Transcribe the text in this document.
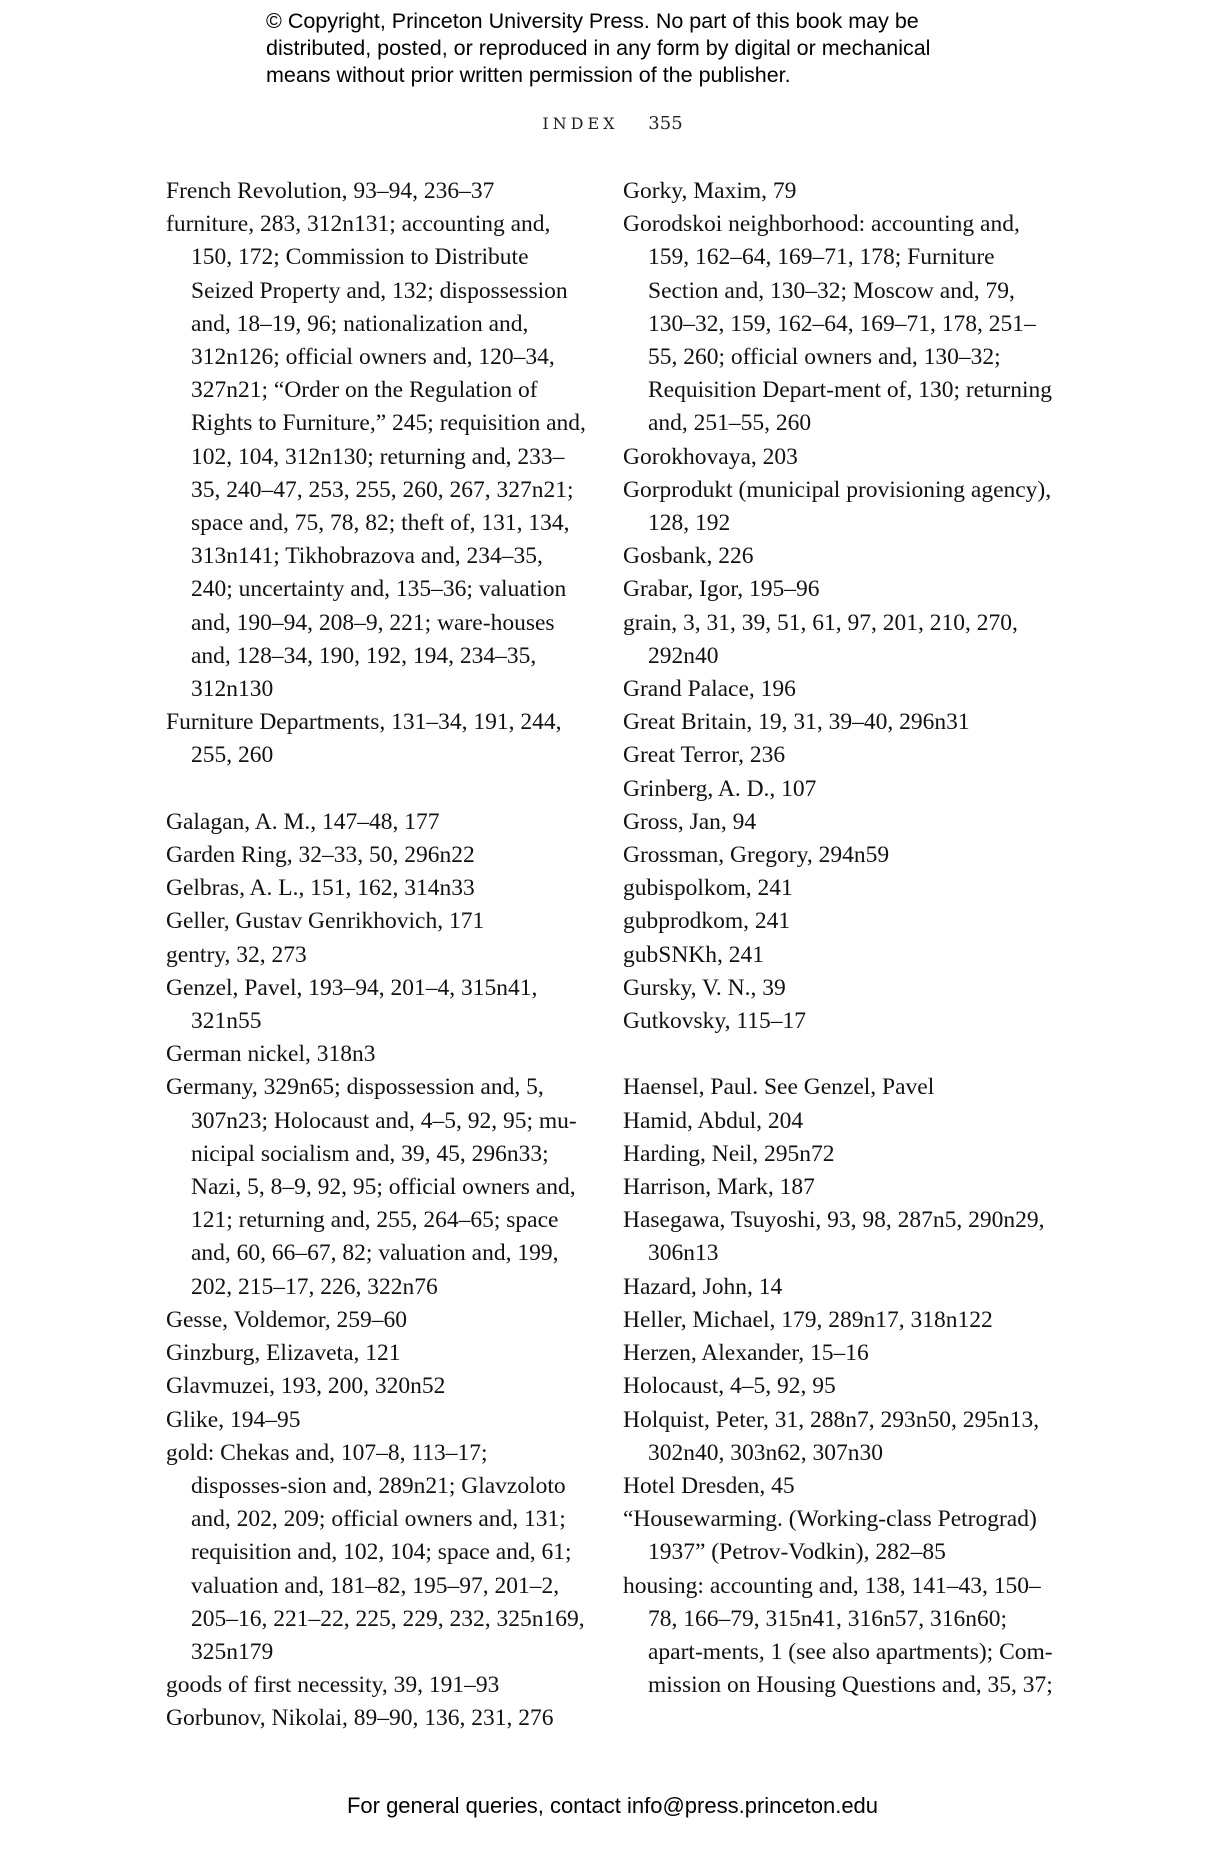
© Copyright, Princeton University Press. No part of this book may be
distributed, posted, or reproduced in any form by digital or mechanical
means without prior written permission of the publisher.
INDEX 355
French Revolution, 93–94, 236–37
furniture, 283, 312n131; accounting and, 150, 172; Commission to Distribute Seized Property and, 132; dispossession and, 18–19, 96; nationalization and, 312n126; official owners and, 120–34, 327n21; “Order on the Regulation of Rights to Furniture,” 245; requisition and, 102, 104, 312n130; returning and, 233–35, 240–47, 253, 255, 260, 267, 327n21; space and, 75, 78, 82; theft of, 131, 134, 313n141; Tikhobrazova and, 234–35, 240; uncertainty and, 135–36; valuation and, 190–94, 208–9, 221; ware-houses and, 128–34, 190, 192, 194, 234–35, 312n130
Furniture Departments, 131–34, 191, 244, 255, 260
Galagan, A. M., 147–48, 177
Garden Ring, 32–33, 50, 296n22
Gelbras, A. L., 151, 162, 314n33
Geller, Gustav Genrikhovich, 171
gentry, 32, 273
Genzel, Pavel, 193–94, 201–4, 315n41, 321n55
German nickel, 318n3
Germany, 329n65; dispossession and, 5, 307n23; Holocaust and, 4–5, 92, 95; mu-nicipal socialism and, 39, 45, 296n33; Nazi, 5, 8–9, 92, 95; official owners and, 121; returning and, 255, 264–65; space and, 60, 66–67, 82; valuation and, 199, 202, 215–17, 226, 322n76
Gesse, Voldemor, 259–60
Ginzburg, Elizaveta, 121
Glavmuzei, 193, 200, 320n52
Glike, 194–95
gold: Chekas and, 107–8, 113–17; disposses-sion and, 289n21; Glavzoloto and, 202, 209; official owners and, 131; requisition and, 102, 104; space and, 61; valuation and, 181–82, 195–97, 201–2, 205–16, 221–22, 225, 229, 232, 325n169, 325n179
goods of first necessity, 39, 191–93
Gorbunov, Nikolai, 89–90, 136, 231, 276
Gorky, Maxim, 79
Gorodskoi neighborhood: accounting and, 159, 162–64, 169–71, 178; Furniture Section and, 130–32; Moscow and, 79, 130–32, 159, 162–64, 169–71, 178, 251–55, 260; official owners and, 130–32; Requisition Depart-ment of, 130; returning and, 251–55, 260
Gorokhovaya, 203
Gorprodukt (municipal provisioning agency), 128, 192
Gosbank, 226
Grabar, Igor, 195–96
grain, 3, 31, 39, 51, 61, 97, 201, 210, 270, 292n40
Grand Palace, 196
Great Britain, 19, 31, 39–40, 296n31
Great Terror, 236
Grinberg, A. D., 107
Gross, Jan, 94
Grossman, Gregory, 294n59
gubispolkom, 241
gubprodkom, 241
gubSNKh, 241
Gursky, V. N., 39
Gutkovsky, 115–17
Haensel, Paul. See Genzel, Pavel
Hamid, Abdul, 204
Harding, Neil, 295n72
Harrison, Mark, 187
Hasegawa, Tsuyoshi, 93, 98, 287n5, 290n29, 306n13
Hazard, John, 14
Heller, Michael, 179, 289n17, 318n122
Herzen, Alexander, 15–16
Holocaust, 4–5, 92, 95
Holquist, Peter, 31, 288n7, 293n50, 295n13, 302n40, 303n62, 307n30
Hotel Dresden, 45
“Housewarming. (Working-class Petrograd) 1937” (Petrov-Vodkin), 282–85
housing: accounting and, 138, 141–43, 150–78, 166–79, 315n41, 316n57, 316n60; apart-ments, 1 (see also apartments); Com-mission on Housing Questions and, 35, 37;
For general queries, contact info@press.princeton.edu
